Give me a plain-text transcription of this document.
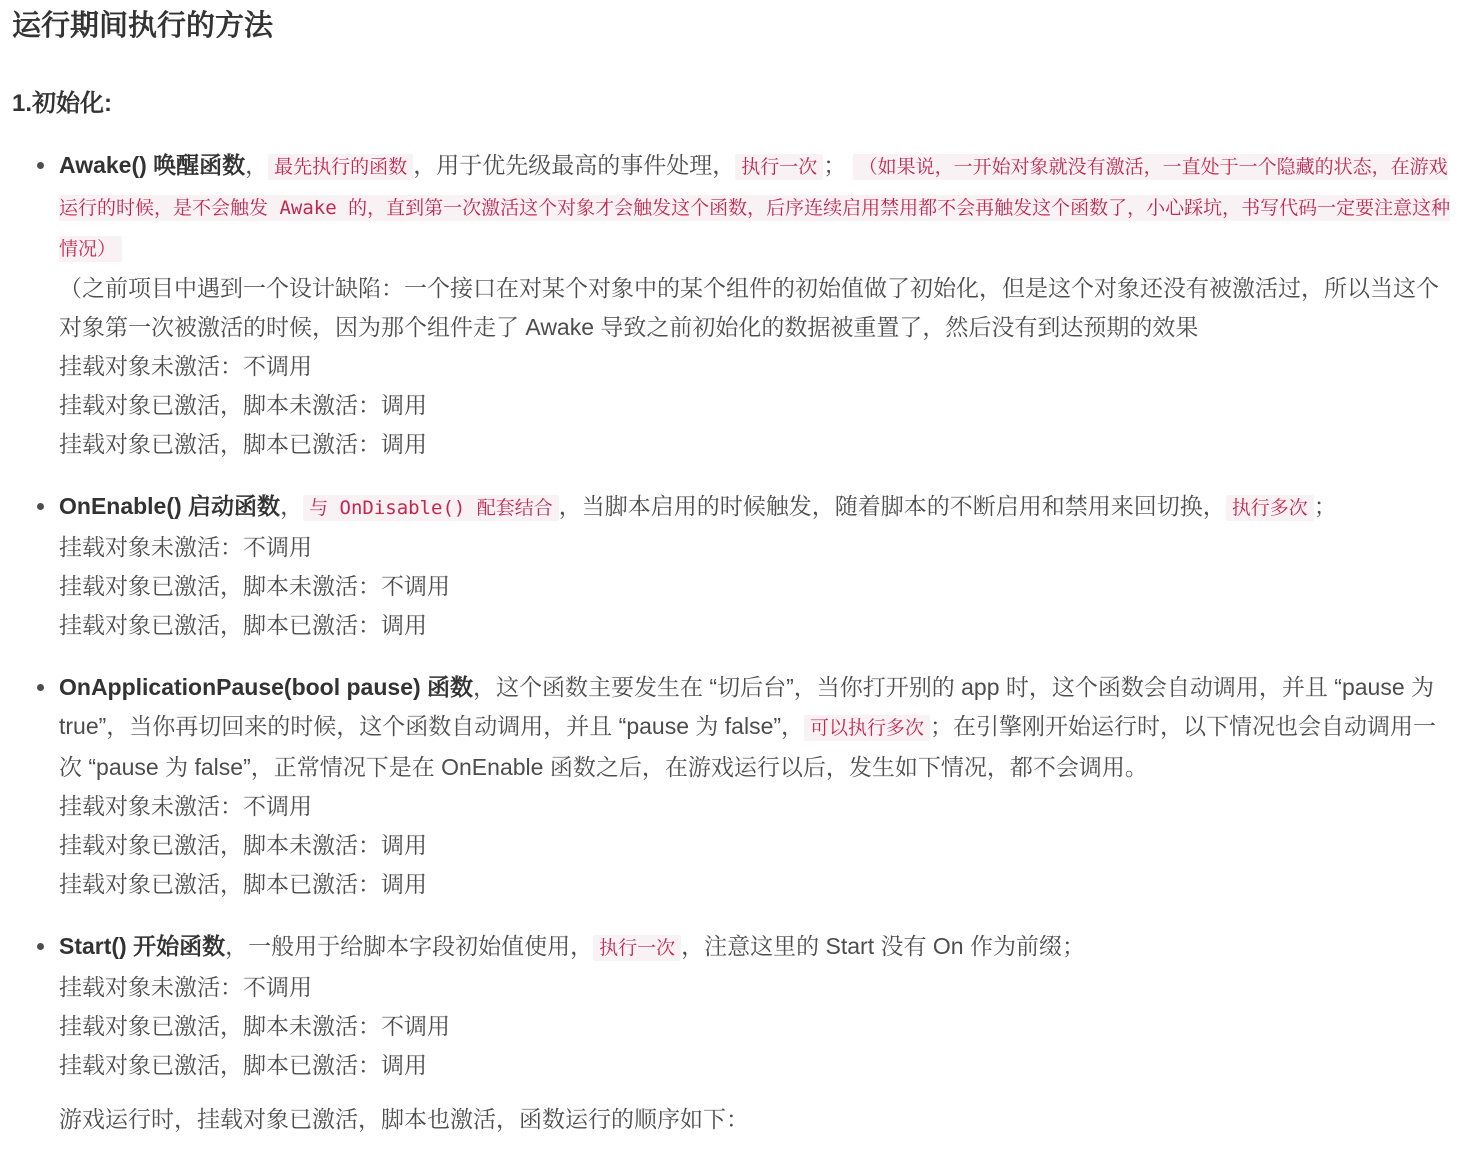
运行期间执行的方法
1.初始化:
Awake() 唤醒函数， 最先执行的函数 ，用于优先级最高的事件处理， 执行一次 ； （如果说，一开始对象就没有激活，一直处于一个隐藏的状态，在游戏运行的时候，是不会触发 Awake 的，直到第一次激活这个对象才会触发这个函数，后序连续启用禁用都不会再触发这个函数了，小心踩坑，书写代码一定要注意这种情况）
（之前项目中遇到一个设计缺陷：一个接口在对某个对象中的某个组件的初始值做了初始化，但是这个对象还没有被激活过，所以当这个对象第一次被激活的时候，因为那个组件走了 Awake 导致之前初始化的数据被重置了，然后没有到达预期的效果
挂载对象未激活：不调用
挂载对象已激活，脚本未激活：调用
挂载对象已激活，脚本已激活：调用
OnEnable() 启动函数， 与 OnDisable() 配套结合 ，当脚本启用的时候触发，随着脚本的不断启用和禁用来回切换， 执行多次 ；
挂载对象未激活：不调用
挂载对象已激活，脚本未激活：不调用
挂载对象已激活，脚本已激活：调用
OnApplicationPause(bool pause) 函数，这个函数主要发生在 “切后台”，当你打开别的 app 时，这个函数会自动调用，并且 “pause 为 true”，当你再切回来的时候，这个函数自动调用，并且 “pause 为 false”， 可以执行多次 ；在引擎刚开始运行时，以下情况也会自动调用一次 “pause 为 false”，正常情况下是在 OnEnable 函数之后，在游戏运行以后，发生如下情况，都不会调用。
挂载对象未激活：不调用
挂载对象已激活，脚本未激活：调用
挂载对象已激活，脚本已激活：调用
Start() 开始函数，一般用于给脚本字段初始值使用， 执行一次 ，注意这里的 Start 没有 On 作为前缀；
挂载对象未激活：不调用
挂载对象已激活，脚本未激活：不调用
挂载对象已激活，脚本已激活：调用

游戏运行时，挂载对象已激活，脚本也激活，函数运行的顺序如下：
